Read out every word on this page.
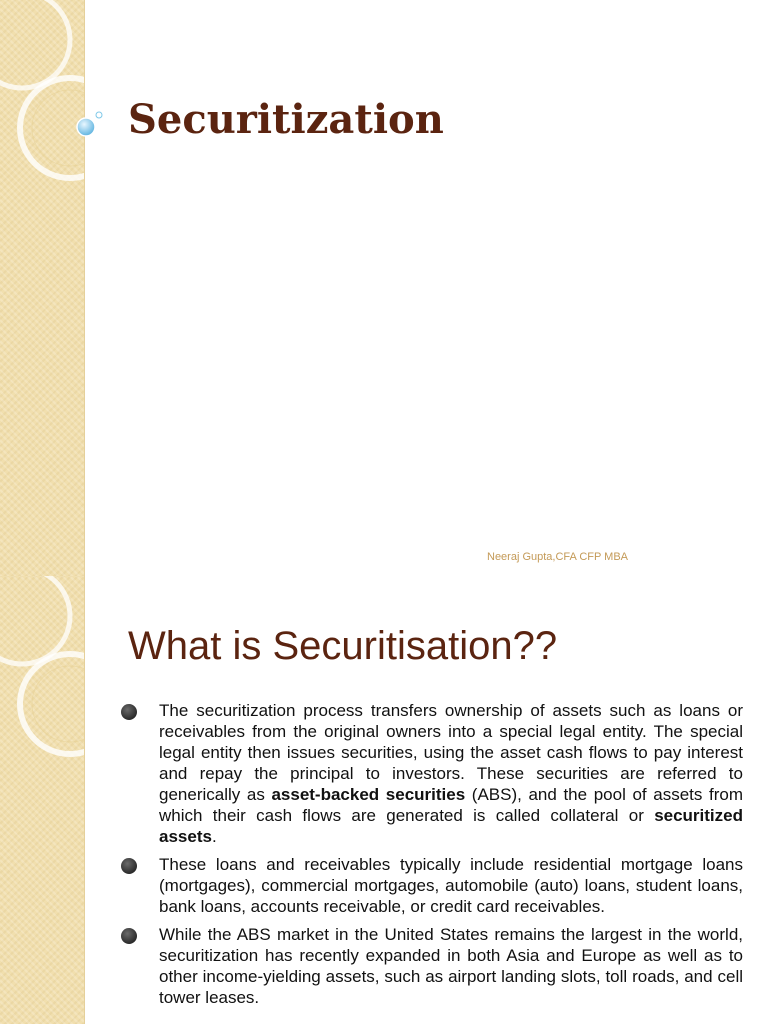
Securitization
Neeraj Gupta,CFA CFP MBA
What is Securitisation??
The securitization process transfers ownership of assets such as loans or receivables from the original owners into a special legal entity. The special legal entity then issues securities, using the asset cash flows to pay interest and repay the principal to investors. These securities are referred to generically as asset-backed securities (ABS), and the pool of assets from which their cash flows are generated is called collateral or securitized assets.
These loans and receivables typically include residential mortgage loans (mortgages), commercial mortgages, automobile (auto) loans, student loans, bank loans, accounts receivable, or credit card receivables.
While the ABS market in the United States remains the largest in the world, securitization has recently expanded in both Asia and Europe as well as to other income-yielding assets, such as airport landing slots, toll roads, and cell tower leases.
